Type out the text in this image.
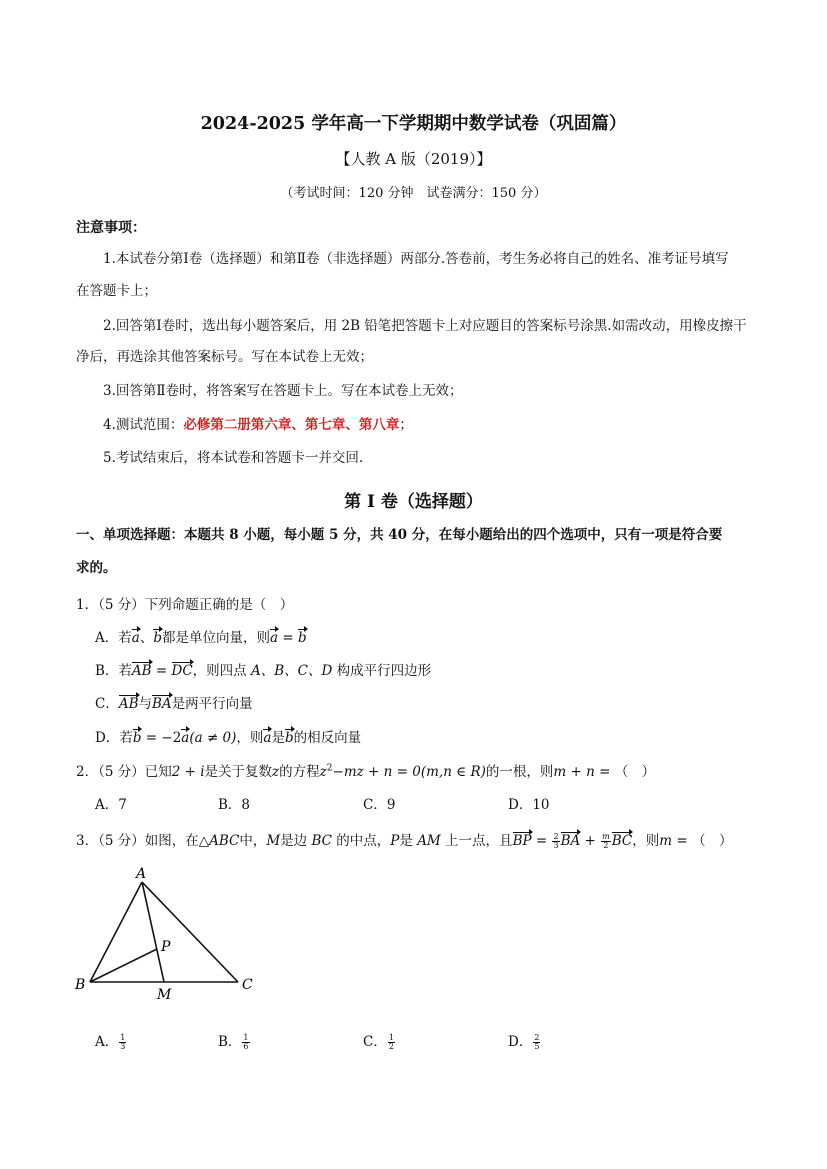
2024-2025 学年高一下学期期中数学试卷（巩固篇）
【人教 A 版（2019）】
（考试时间：120 分钟　试卷满分：150 分）
注意事项：
1.本试卷分第Ⅰ卷（选择题）和第Ⅱ卷（非选择题）两部分.答卷前，考生务必将自己的姓名、准考证号填写
在答题卡上；
2.回答第Ⅰ卷时，选出每小题答案后，用 2B 铅笔把答题卡上对应题目的答案标号涂黑.如需改动，用橡皮擦干
净后，再选涂其他答案标号。写在本试卷上无效；
3.回答第Ⅱ卷时，将答案写在答题卡上。写在本试卷上无效；
4.测试范围：必修第二册第六章、第七章、第八章；
5.考试结束后，将本试卷和答题卡一并交回.
第 I 卷（选择题）
一、单项选择题：本题共 8 小题，每小题 5 分，共 40 分，在每小题给出的四个选项中，只有一项是符合要
求的。
1．（5 分）下列命题正确的是（　）
A．若a、b都是单位向量，则a = b
B．若AB = DC，则四点 A、B、C、D 构成平行四边形
C．AB与BA是两平行向量
D．若b = −2a(a ≠ 0)，则a是b的相反向量
2．（5 分）已知2 + i是关于复数z的方程$z^2-mz + n = 0(m,n$ ∈ R)的一根，则m + n = （　）
A．7	B．8	C．9	D．10
3．（5 分）如图，在△ABC中，M是边 BC 的中点，P是 AM 上一点，且BP = $\frac{2}{3}$ BA + $\frac{m}{2}$ BC，则m = （　）
A
B	C
M
P
A． $\frac{1}{3}$	B． $\frac{1}{6}$	C． $\frac{1}{2}$	D． $\frac{2}{5}$
